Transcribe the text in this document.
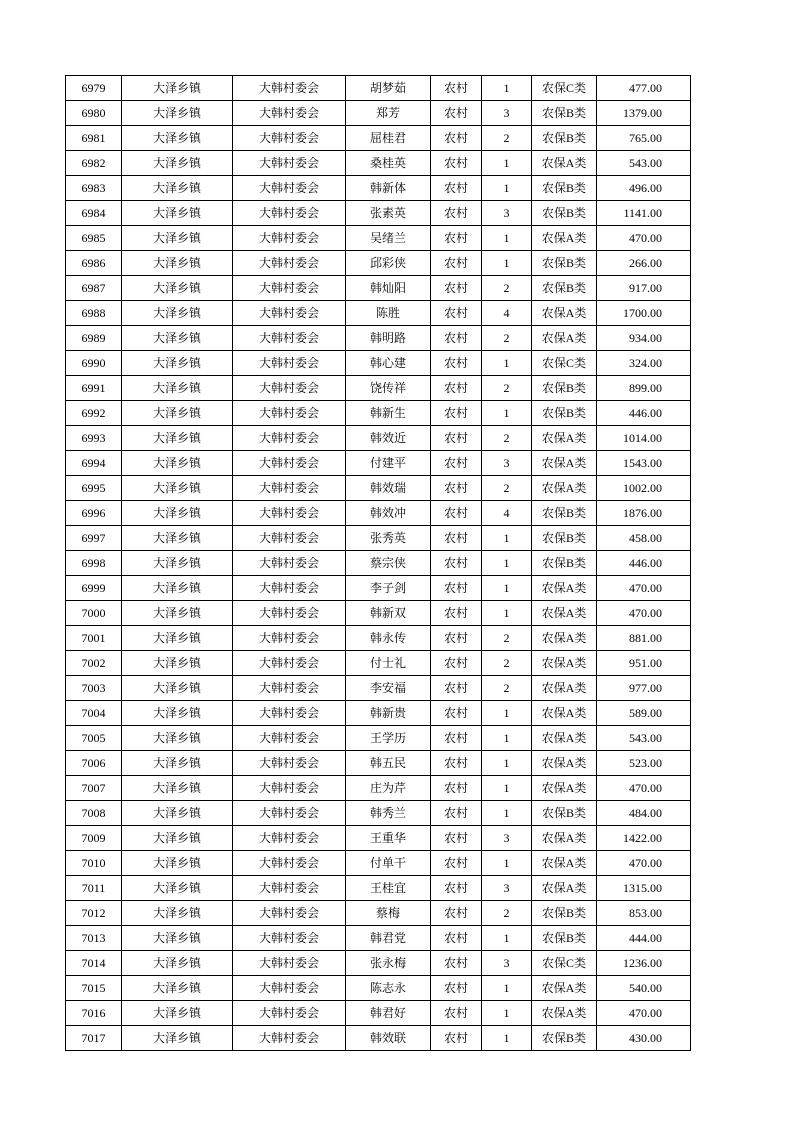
6979	大泽乡镇	大韩村委会	胡梦茹	农村	1	农保C类	477.00
6980	大泽乡镇	大韩村委会	郑芳	农村	3	农保B类	1379.00
6981	大泽乡镇	大韩村委会	屈桂君	农村	2	农保B类	765.00
6982	大泽乡镇	大韩村委会	桑桂英	农村	1	农保A类	543.00
6983	大泽乡镇	大韩村委会	韩新体	农村	1	农保B类	496.00
6984	大泽乡镇	大韩村委会	张素英	农村	3	农保B类	1141.00
6985	大泽乡镇	大韩村委会	吴绪兰	农村	1	农保A类	470.00
6986	大泽乡镇	大韩村委会	邱彩侠	农村	1	农保B类	266.00
6987	大泽乡镇	大韩村委会	韩灿阳	农村	2	农保B类	917.00
6988	大泽乡镇	大韩村委会	陈胜	农村	4	农保A类	1700.00
6989	大泽乡镇	大韩村委会	韩明路	农村	2	农保A类	934.00
6990	大泽乡镇	大韩村委会	韩心建	农村	1	农保C类	324.00
6991	大泽乡镇	大韩村委会	饶传祥	农村	2	农保B类	899.00
6992	大泽乡镇	大韩村委会	韩新生	农村	1	农保B类	446.00
6993	大泽乡镇	大韩村委会	韩效近	农村	2	农保A类	1014.00
6994	大泽乡镇	大韩村委会	付建平	农村	3	农保A类	1543.00
6995	大泽乡镇	大韩村委会	韩效瑞	农村	2	农保A类	1002.00
6996	大泽乡镇	大韩村委会	韩效冲	农村	4	农保B类	1876.00
6997	大泽乡镇	大韩村委会	张秀英	农村	1	农保B类	458.00
6998	大泽乡镇	大韩村委会	蔡宗侠	农村	1	农保B类	446.00
6999	大泽乡镇	大韩村委会	李子剑	农村	1	农保A类	470.00
7000	大泽乡镇	大韩村委会	韩新双	农村	1	农保A类	470.00
7001	大泽乡镇	大韩村委会	韩永传	农村	2	农保A类	881.00
7002	大泽乡镇	大韩村委会	付士礼	农村	2	农保A类	951.00
7003	大泽乡镇	大韩村委会	李安福	农村	2	农保A类	977.00
7004	大泽乡镇	大韩村委会	韩新贵	农村	1	农保A类	589.00
7005	大泽乡镇	大韩村委会	王学历	农村	1	农保A类	543.00
7006	大泽乡镇	大韩村委会	韩五民	农村	1	农保A类	523.00
7007	大泽乡镇	大韩村委会	庄为芹	农村	1	农保A类	470.00
7008	大泽乡镇	大韩村委会	韩秀兰	农村	1	农保B类	484.00
7009	大泽乡镇	大韩村委会	王重华	农村	3	农保A类	1422.00
7010	大泽乡镇	大韩村委会	付单干	农村	1	农保A类	470.00
7011	大泽乡镇	大韩村委会	王桂宜	农村	3	农保A类	1315.00
7012	大泽乡镇	大韩村委会	蔡梅	农村	2	农保B类	853.00
7013	大泽乡镇	大韩村委会	韩君党	农村	1	农保B类	444.00
7014	大泽乡镇	大韩村委会	张永梅	农村	3	农保C类	1236.00
7015	大泽乡镇	大韩村委会	陈志永	农村	1	农保A类	540.00
7016	大泽乡镇	大韩村委会	韩君好	农村	1	农保A类	470.00
7017	大泽乡镇	大韩村委会	韩效联	农村	1	农保B类	430.00
